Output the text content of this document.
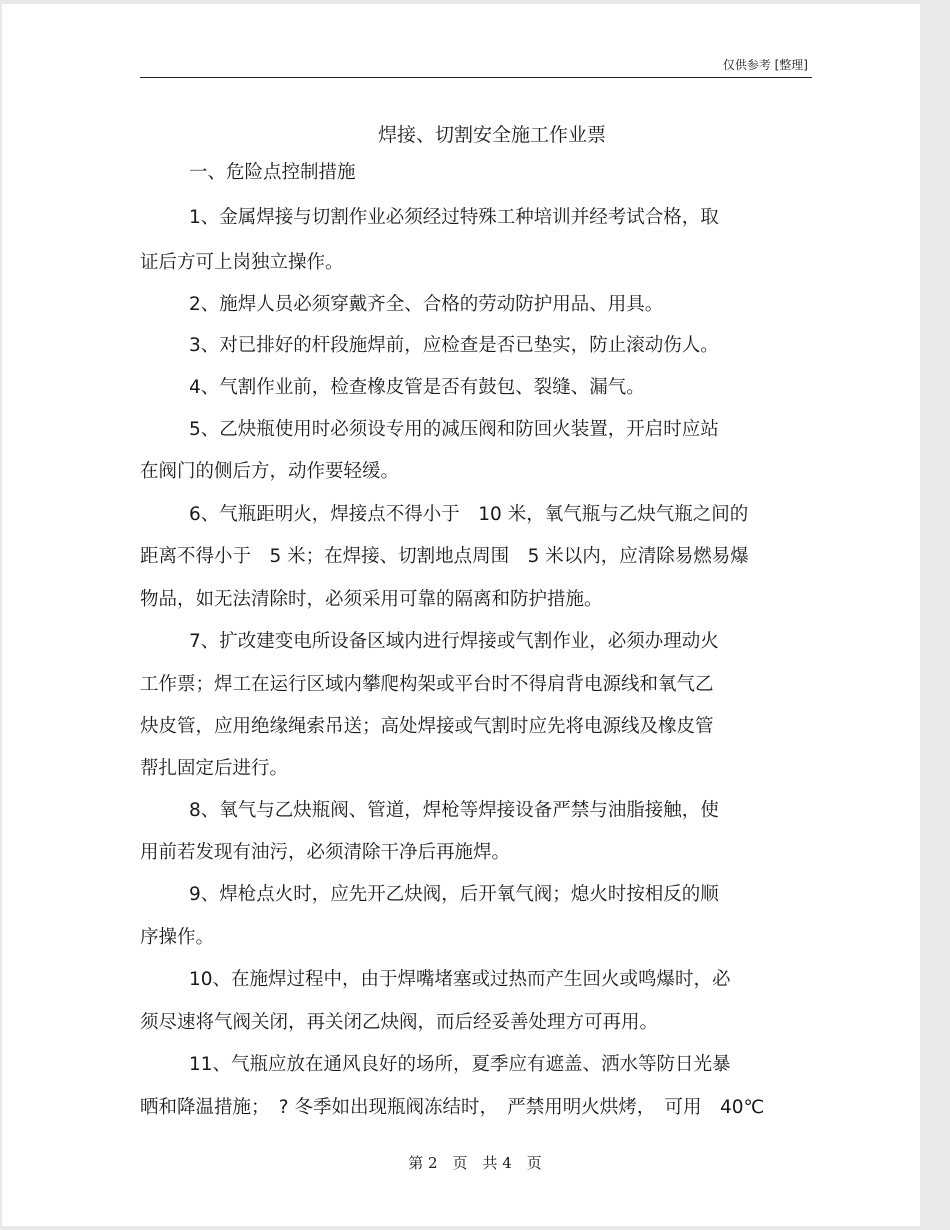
仅供参考 [整理]
焊接、切割安全施工作业票
一、危险点控制措施
1、金属焊接与切割作业必须经过特殊工种培训并经考试合格，取
证后方可上岗独立操作。
2、施焊人员必须穿戴齐全、合格的劳动防护用品、用具。
3、对已排好的杆段施焊前，应检查是否已垫实，防止滚动伤人。
4、气割作业前，检查橡皮管是否有鼓包、裂缝、漏气。
5、乙炔瓶使用时必须设专用的减压阀和防回火装置，开启时应站
在阀门的侧后方，动作要轻缓。
6、气瓶距明火，焊接点不得小于　10 米，氧气瓶与乙炔气瓶之间的
距离不得小于　5 米；在焊接、切割地点周围　5 米以内，应清除易燃易爆
物品，如无法清除时，必须采用可靠的隔离和防护措施。
7、扩改建变电所设备区域内进行焊接或气割作业，必须办理动火
工作票；焊工在运行区域内攀爬构架或平台时不得肩背电源线和氧气乙
炔皮管，应用绝缘绳索吊送；高处焊接或气割时应先将电源线及橡皮管
帮扎固定后进行。
8、氧气与乙炔瓶阀、管道，焊枪等焊接设备严禁与油脂接触，使
用前若发现有油污，必须清除干净后再施焊。
9、焊枪点火时，应先开乙炔阀，后开氧气阀；熄火时按相反的顺
序操作。
10、在施焊过程中，由于焊嘴堵塞或过热而产生回火或鸣爆时，必
须尽速将气阀关闭，再关闭乙炔阀，而后经妥善处理方可再用。
11、气瓶应放在通风良好的场所，夏季应有遮盖、洒水等防日光暴
晒和降温措施；　? 冬季如出现瓶阀冻结时，　严禁用明火烘烤，　可用　40℃
第 2　页　共 4　页
